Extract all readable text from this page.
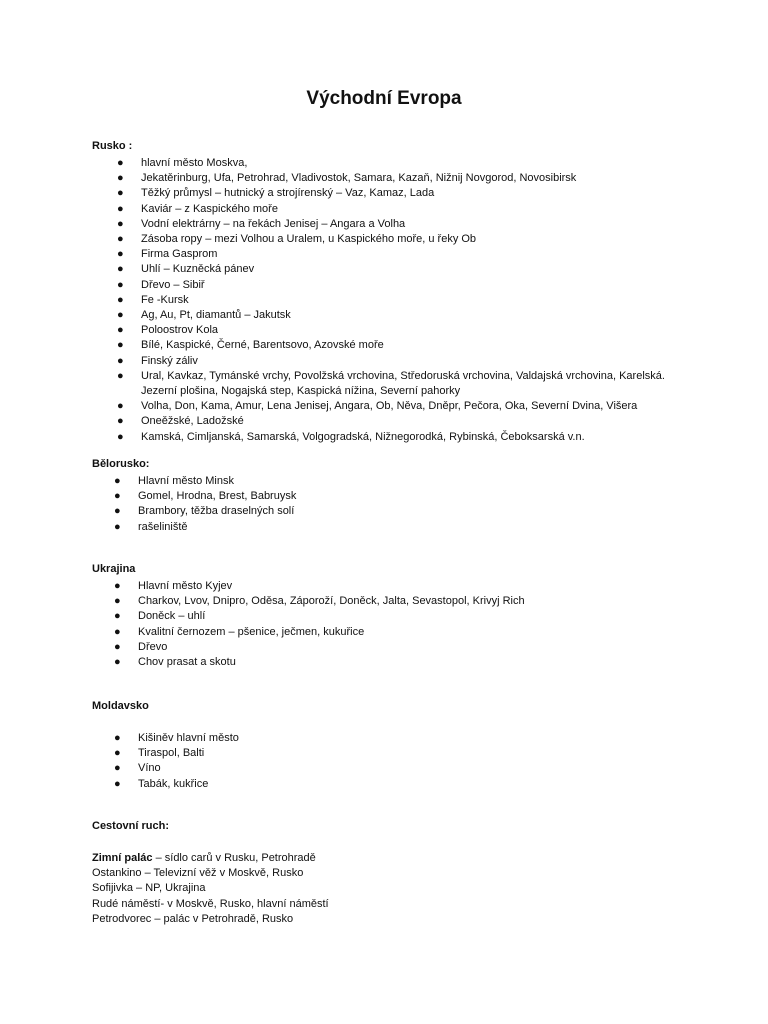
Východní Evropa

Rusko :

● hlavní město Moskva,
● Jekatěrinburg, Ufa, Petrohrad, Vladivostok, Samara, Kazaň, Nižnij Novgorod, Novosibirsk
● Těžký průmysl – hutnický a strojírenský – Vaz, Kamaz, Lada
● Kaviár – z Kaspického moře
● Vodní elektrárny – na řekách Jenisej – Angara a Volha
● Zásoba ropy – mezi Volhou a Uralem, u Kaspického moře, u řeky Ob
● Firma Gasprom
● Uhlí – Kuzněcká pánev
● Dřevo – Sibiř
● Fe -Kursk
● Ag, Au, Pt, diamantů – Jakutsk
● Poloostrov Kola
● Bílé, Kaspické, Černé, Barentsovo, Azovské moře
● Finský záliv
● Ural, Kavkaz, Tymánské vrchy, Povolžská vrchovina, Středoruská vrchovina, Valdajská vrchovina, Karelská. Jezerní plošina, Nogajská step, Kaspická nížina, Severní pahorky
● Volha, Don, Kama, Amur, Lena Jenisej, Angara, Ob, Něva, Dněpr, Pečora, Oka, Severní Dvina, Višera
● Oneěžské, Ladožské
● Kamská, Cimljanská, Samarská, Volgogradská, Nižnegorodká, Rybinská, Čeboksarská v.n.

Bělorusko:

● Hlavní město Minsk
● Gomel, Hrodna, Brest, Babruysk
● Brambory, těžba draselných solí
● rašeliniště

Ukrajina

● Hlavní město Kyjev
● Charkov, Lvov, Dnipro, Oděsa, Záporoží, Doněck, Jalta, Sevastopol, Krivyj Rich
● Doněck – uhlí
● Kvalitní černozem – pšenice, ječmen, kukuřice
● Dřevo
● Chov prasat a skotu

Moldavsko

● Kišiněv hlavní město
● Tiraspol, Balti
● Víno
● Tabák, kukřice

Cestovní ruch:

Zimní palác – sídlo carů v Rusku, Petrohradě

Ostankino – Televizní věž v Moskvě, Rusko

Sofijivka – NP, Ukrajina

Rudé náměstí- v Moskvě, Rusko, hlavní náměstí

Petrodvorec – palác v Petrohradě, Rusko
